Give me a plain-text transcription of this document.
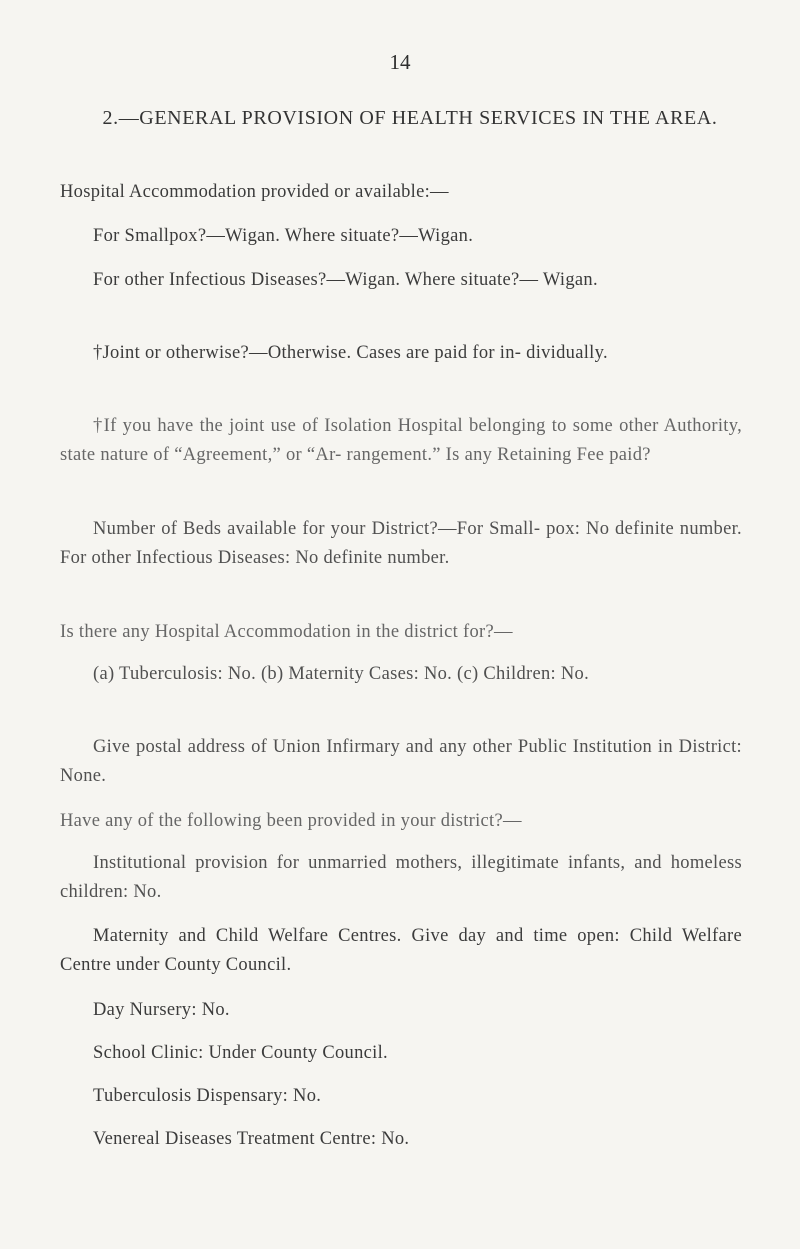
14
2.—GENERAL PROVISION OF HEALTH SERVICES IN THE AREA.
Hospital Accommodation provided or available:—
For Smallpox?—Wigan. Where situate?—Wigan.
For other Infectious Diseases?—Wigan. Where situate?— Wigan.
†Joint or otherwise?—Otherwise. Cases are paid for in- dividually.
†If you have the joint use of Isolation Hospital belonging to some other Authority, state nature of “Agreement,” or “Ar- rangement.” Is any Retaining Fee paid?
Number of Beds available for your District?—For Small- pox: No definite number. For other Infectious Diseases: No definite number.
Is there any Hospital Accommodation in the district for?—
(a) Tuberculosis: No. (b) Maternity Cases: No. (c) Children: No.
Give postal address of Union Infirmary and any other Public Institution in District: None.
Have any of the following been provided in your district?—
Institutional provision for unmarried mothers, illegitimate infants, and homeless children: No.
Maternity and Child Welfare Centres. Give day and time open: Child Welfare Centre under County Council.
Day Nursery: No.
School Clinic: Under County Council.
Tuberculosis Dispensary: No.
Venereal Diseases Treatment Centre: No.
